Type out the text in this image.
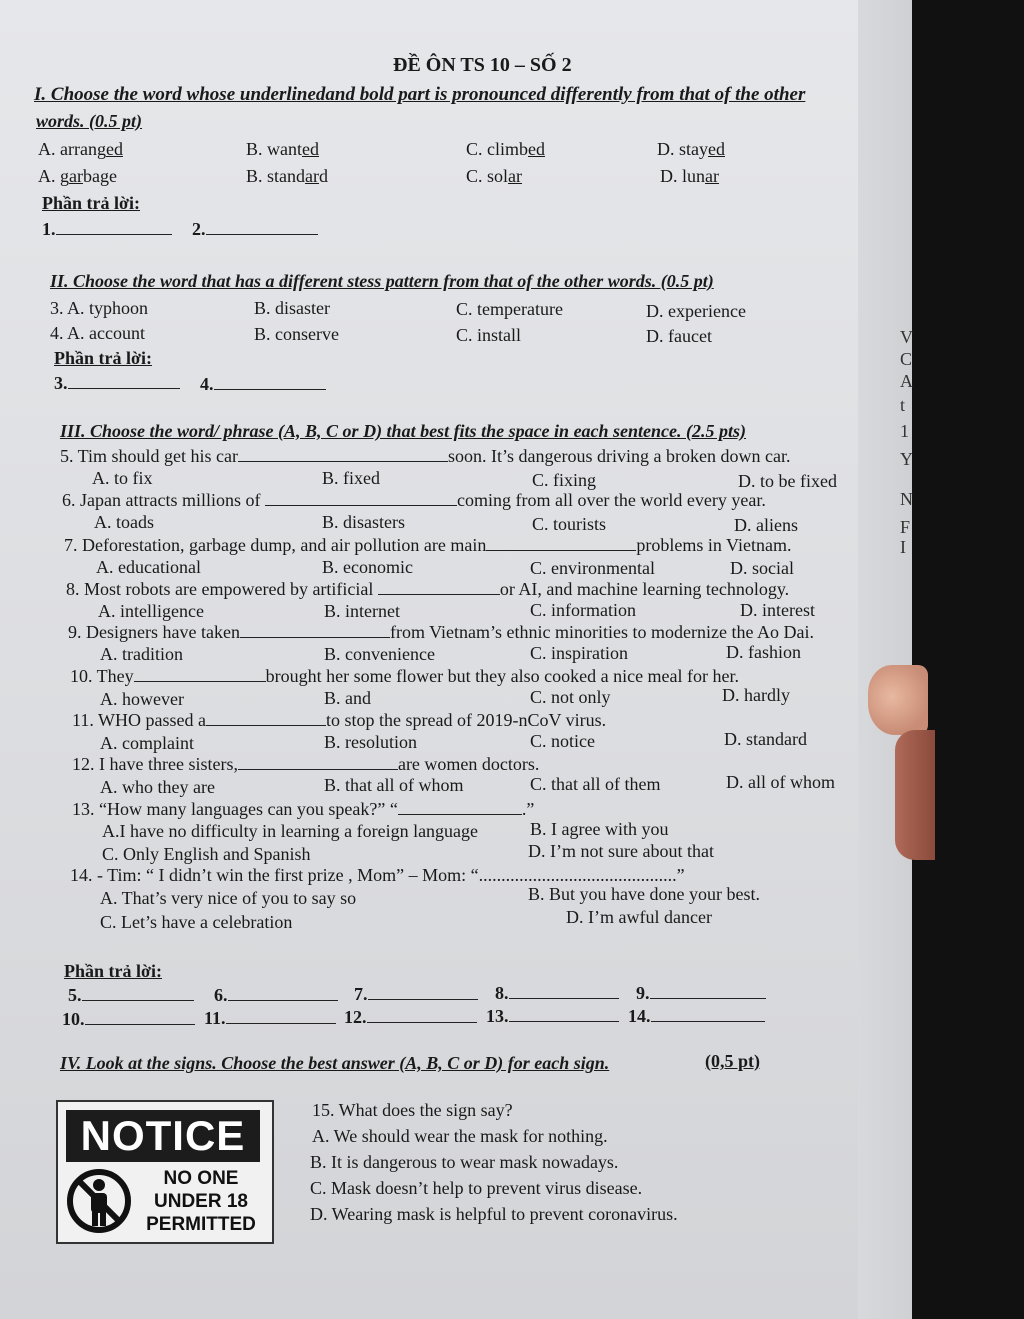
ĐỀ ÔN TS 10 – SỐ 2
I. Choose the word whose underlinedand bold part is pronounced differently from that of the other
words. (0.5 pt)
A. arranged	B. wanted	C. climbed	D. stayed
A. garbage	B. standard	C. solar	D. lunar
Phần trả lời:
1.	2.
II. Choose the word that has a different stess pattern from that of the other words. (0.5 pt)
3. A. typhoon	B. disaster	C. temperature	D. experience
4. A. account	B. conserve	C. install	D. faucet
Phần trả lời:
3.	4.
III. Choose the word/ phrase (A, B, C or D) that best fits the space in each sentence. (2.5 pts)
5. Tim should get his car	soon. It’s dangerous driving a broken down car.
A. to fix	B. fixed	C. fixing	D. to be fixed
6. Japan attracts millions of	coming from all over the world every year.
A. toads	B. disasters	C. tourists	D. aliens
7. Deforestation, garbage dump, and air pollution are main	problems in Vietnam.
A. educational	B. economic	C. environmental	D. social
8. Most robots are empowered by artificial	or AI, and machine learning technology.
A. intelligence	B. internet	C. information	D. interest
9. Designers have taken	from Vietnam’s ethnic minorities to modernize the Ao Dai.
A. tradition	B. convenience	C. inspiration	D. fashion
10. They	brought her some flower but they also cooked a nice meal for her.
A. however	B. and	C. not only	D. hardly
11. WHO passed a	to stop the spread of 2019-nCoV virus.
A. complaint	B. resolution	C. notice	D. standard
12. I have three sisters,	are women doctors.
A. who they are	B. that all of whom	C. that all of them	D. all of whom
13. “How many languages can you speak?” “	.”
A.I have no difficulty in learning a foreign language	B. I agree with you
C. Only English and Spanish	D. I’m not sure about that
14. - Tim: “ I didn’t win the first prize , Mom” – Mom: “............................................”
A. That’s very nice of you to say so	B. But you have done your best.
C. Let’s have a celebration	D. I’m awful dancer
Phần trả lời:
5.	6.	7.	8.	9.
10.	11.	12.	13.	14.
IV. Look at the signs. Choose the best answer (A, B, C or D) for each sign.	(0,5 pt)
NOTICE
NO ONE
UNDER 18
PERMITTED
15. What does the sign say?
A. We should wear the mask for nothing.
B. It is dangerous to wear mask nowadays.
C. Mask doesn’t help to prevent virus disease.
D. Wearing mask is helpful to prevent coronavirus.
V
C
A
t
1
Y
N
F
I
